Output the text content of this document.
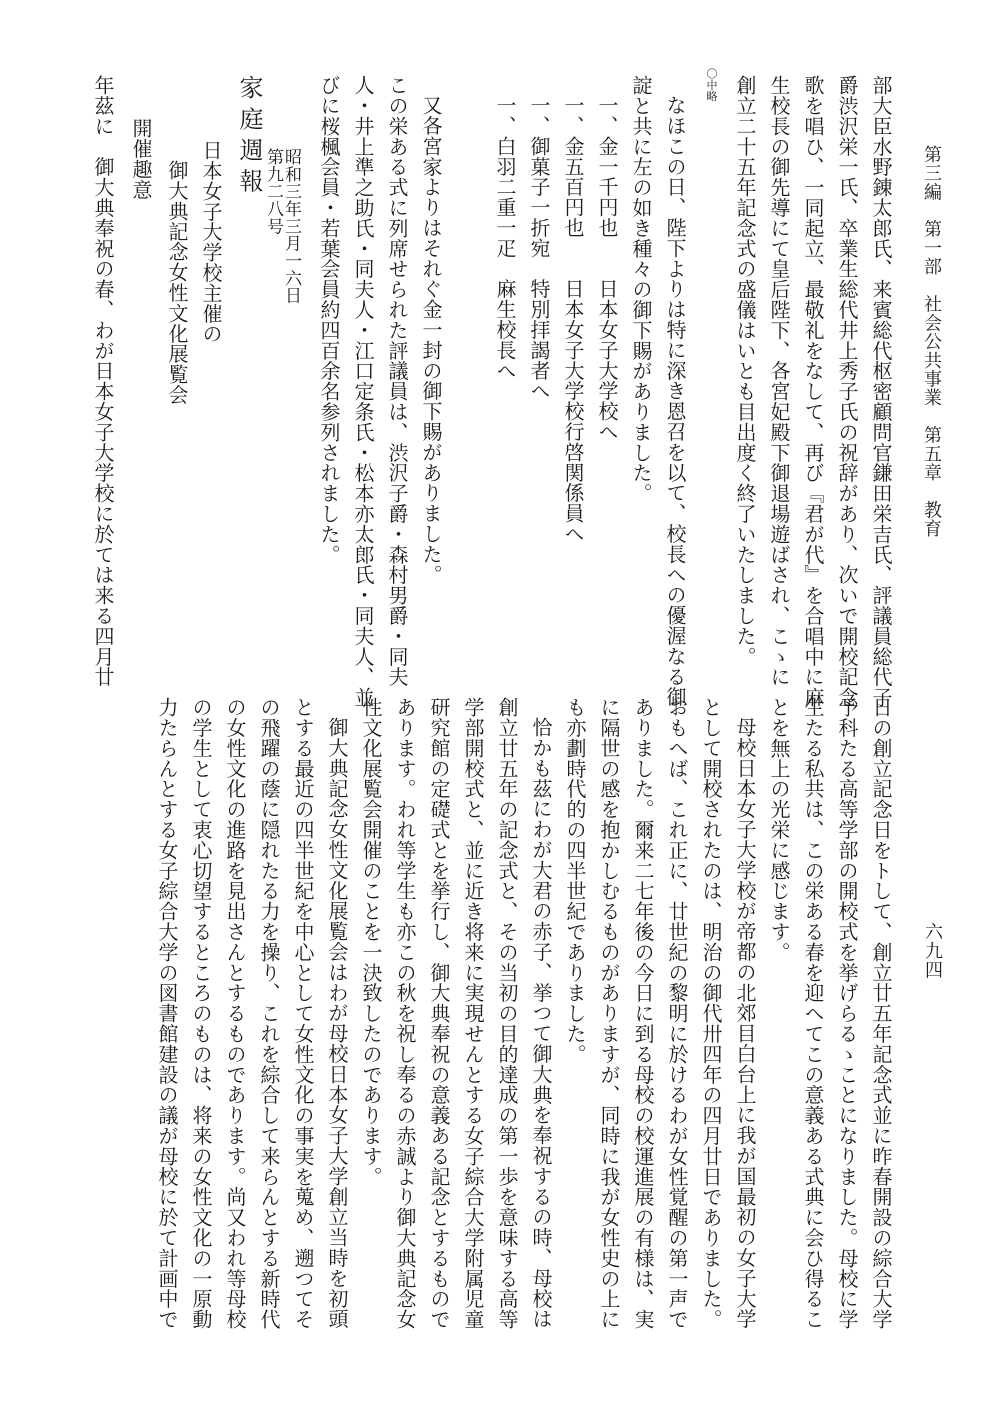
第三編　第一部　社会公共事業　第五章　教育
六九四
部大臣水野錬太郎氏、来賓総代枢密顧問官鎌田栄吉氏、評議員総代子
爵渋沢栄一氏、卒業生総代井上秀子氏の祝辞があり、次いで開校記念
歌を唱ひ、一同起立、最敬礼をなして、再び『君が代』を合唱中に麻
生校長の御先導にて皇后陛下、各宮妃殿下御退場遊ばされ、こゝに
創立二十五年記念式の盛儀はいとも目出度く終了いたしました。
〇中略
なほこの日、陛下よりは特に深き恩召を以て、校長への優渥なる御
諚と共に左の如き種々の御下賜がありました。
一、金一千円也　　日本女子大学校へ
一、金五百円也　　日本女子大学校行啓関係員へ
一、御菓子一折宛　特別拝謁者へ
一、白羽二重一疋　麻生校長へ
又各宮家よりはそれぐ金一封の御下賜がありました。
この栄ある式に列席せられた評議員は、渋沢子爵・森村男爵・同夫
人・井上準之助氏・同夫人・江口定条氏・松本亦太郎氏・同夫人、並
びに桜楓会員・若葉会員約四百余名参列されました。
家庭週報 第九二八号
昭和三年三月一六日
日本女子大学校主催の
御大典記念女性文化展覧会
開催趣意
年茲に　御大典奉祝の春、わが日本女子大学校に於ては来る四月廿
日の創立記念日をトして、創立廿五年記念式並に昨春開設の綜合大学
予科たる高等学部の開校式を挙げらるゝことになりました。母校に学
生たる私共は、この栄ある春を迎へてこの意義ある式典に会ひ得るこ
とを無上の光栄に感じます。
母校日本女子大学校が帝都の北郊目白台上に我が国最初の女子大学
として開校されたのは、明治の御代卅四年の四月廿日でありました。
おもへば、これ正に、廿世紀の黎明に於けるわが女性覚醒の第一声で
ありました。爾来二七年後の今日に到る母校の校運進展の有様は、実
に隔世の感を抱かしむるものがありますが、同時に我が女性史の上に
も亦劃時代的の四半世紀でありました。
恰かも茲にわが大君の赤子、挙つて御大典を奉祝するの時、母校は
創立廿五年の記念式と、その当初の目的達成の第一歩を意味する高等
学部開校式と、並に近き将来に実現せんとする女子綜合大学附属児童
研究館の定礎式とを挙行し、御大典奉祝の意義ある記念とするもので
あります。われ等学生も亦この秋を祝し奉るの赤誠より御大典記念女
性文化展覧会開催のことを一決致したのであります。
御大典記念女性文化展覧会はわが母校日本女子大学創立当時を初頭
とする最近の四半世紀を中心として女性文化の事実を蒐め、遡つてそ
の飛躍の蔭に隠れたる力を操り、これを綜合して来らんとする新時代
の女性文化の進路を見出さんとするものであります。尚又われ等母校
の学生として衷心切望するところのものは、将来の女性文化の一原動
力たらんとする女子綜合大学の図書館建設の議が母校に於て計画中で
